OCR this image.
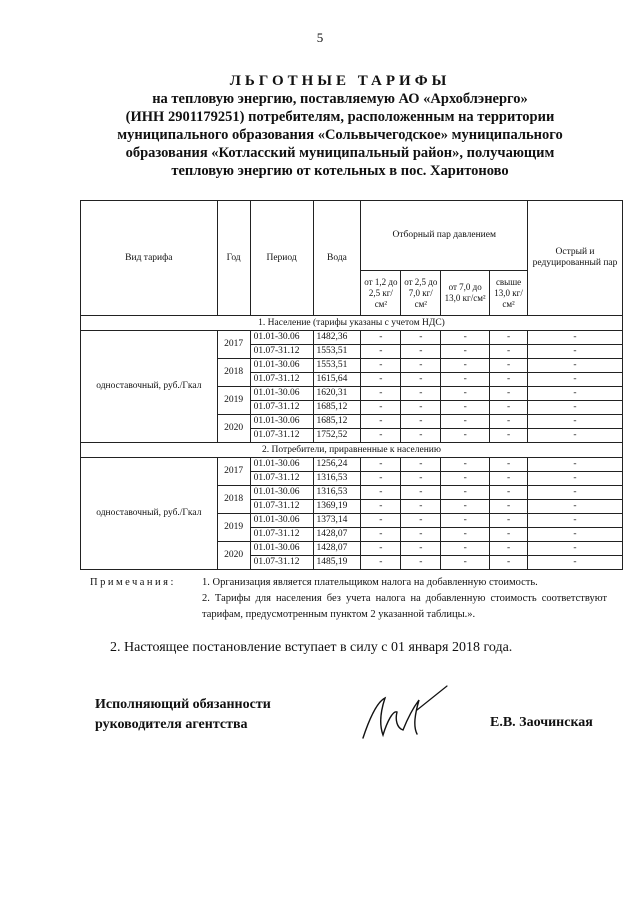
5
ЛЬГОТНЫЕ ТАРИФЫ
на тепловую энергию, поставляемую АО «Архоблэнерго»
(ИНН 2901179251) потребителям, расположенным на территории
муниципального образования «Сольвычегодское» муниципального
образования «Котласский муниципальный район», получающим
тепловую энергию от котельных в пос. Харитоново
Вид тарифа	Год	Период	Вода	Отборный пар давлением				Острый и редуцированный пар
				от 1,2 до 2,5 кг/см²	от 2,5 до 7,0 кг/см²	от 7,0 до 13,0 кг/см²	свыше 13,0 кг/см²	
1. Население (тарифы указаны с учетом НДС)								
одноставочный, руб./Гкал	2017	01.01-30.06	1482,36	-	-	-	-	-
		01.07-31.12	1553,51	-	-	-	-	-
	2018	01.01-30.06	1553,51	-	-	-	-	-
		01.07-31.12	1615,64	-	-	-	-	-
	2019	01.01-30.06	1620,31	-	-	-	-	-
		01.07-31.12	1685,12	-	-	-	-	-
	2020	01.01-30.06	1685,12	-	-	-	-	-
		01.07-31.12	1752,52	-	-	-	-	-
2. Потребители, приравненные к населению								
одноставочный, руб./Гкал	2017	01.01-30.06	1256,24	-	-	-	-	-
		01.07-31.12	1316,53	-	-	-	-	-
	2018	01.01-30.06	1316,53	-	-	-	-	-
		01.07-31.12	1369,19	-	-	-	-	-
	2019	01.01-30.06	1373,14	-	-	-	-	-
		01.07-31.12	1428,07	-	-	-	-	-
	2020	01.01-30.06	1428,07	-	-	-	-	-
		01.07-31.12	1485,19	-	-	-	-	-
Примечания: 1. Организация является плательщиком налога на добавленную стоимость.

2. Тарифы для населения без учета налога на добавленную стоимость соответствуют тарифам, предусмотренным пунктом 2 указанной таблицы.».

2. Настоящее постановление вступает в силу с 01 января 2018 года.
Исполняющий обязанности
руководителя агентства	Е.В. Заочинская
